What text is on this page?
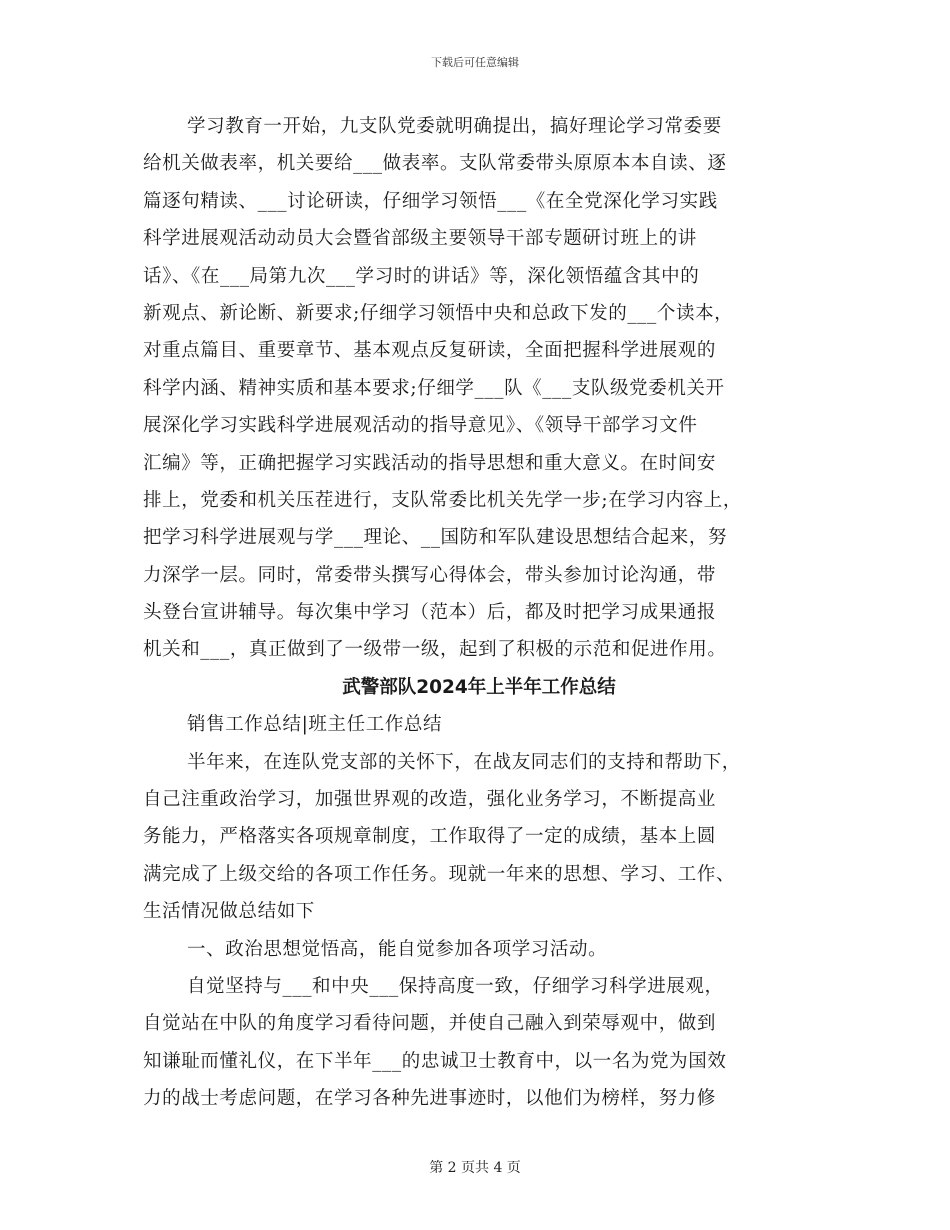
下载后可任意编辑
学习教育一开始，九支队党委就明确提出，搞好理论学习常委要
给机关做表率，机关要给___做表率。支队常委带头原原本本自读、逐
篇逐句精读、___讨论研读，仔细学习领悟___《在全党深化学习实践
科学进展观活动动员大会暨省部级主要领导干部专题研讨班上的讲
话》、《在___局第九次___学习时的讲话》等，深化领悟蕴含其中的
新观点、新论断、新要求;仔细学习领悟中央和总政下发的___个读本，
对重点篇目、重要章节、基本观点反复研读，全面把握科学进展观的
科学内涵、精神实质和基本要求;仔细学___队《___支队级党委机关开
展深化学习实践科学进展观活动的指导意见》、《领导干部学习文件
汇编》等，正确把握学习实践活动的指导思想和重大意义。在时间安
排上，党委和机关压茬进行，支队常委比机关先学一步;在学习内容上，
把学习科学进展观与学___理论、__国防和军队建设思想结合起来，努
力深学一层。同时，常委带头撰写心得体会，带头参加讨论沟通，带
头登台宣讲辅导。每次集中学习（范本）后，都及时把学习成果通报
机关和___，真正做到了一级带一级，起到了积极的示范和促进作用。
武警部队2024年上半年工作总结
销售工作总结|班主任工作总结
半年来，在连队党支部的关怀下，在战友同志们的支持和帮助下，
自己注重政治学习，加强世界观的改造，强化业务学习，不断提高业
务能力，严格落实各项规章制度，工作取得了一定的成绩，基本上圆
满完成了上级交给的各项工作任务。现就一年来的思想、学习、工作、
生活情况做总结如下
一、政治思想觉悟高，能自觉参加各项学习活动。
自觉坚持与___和中央___保持高度一致，仔细学习科学进展观，
自觉站在中队的角度学习看待问题，并使自己融入到荣辱观中，做到
知谦耻而懂礼仪，在下半年___的忠诚卫士教育中，以一名为党为国效
力的战士考虑问题，在学习各种先进事迹时，以他们为榜样，努力修
第 2 页共 4 页
